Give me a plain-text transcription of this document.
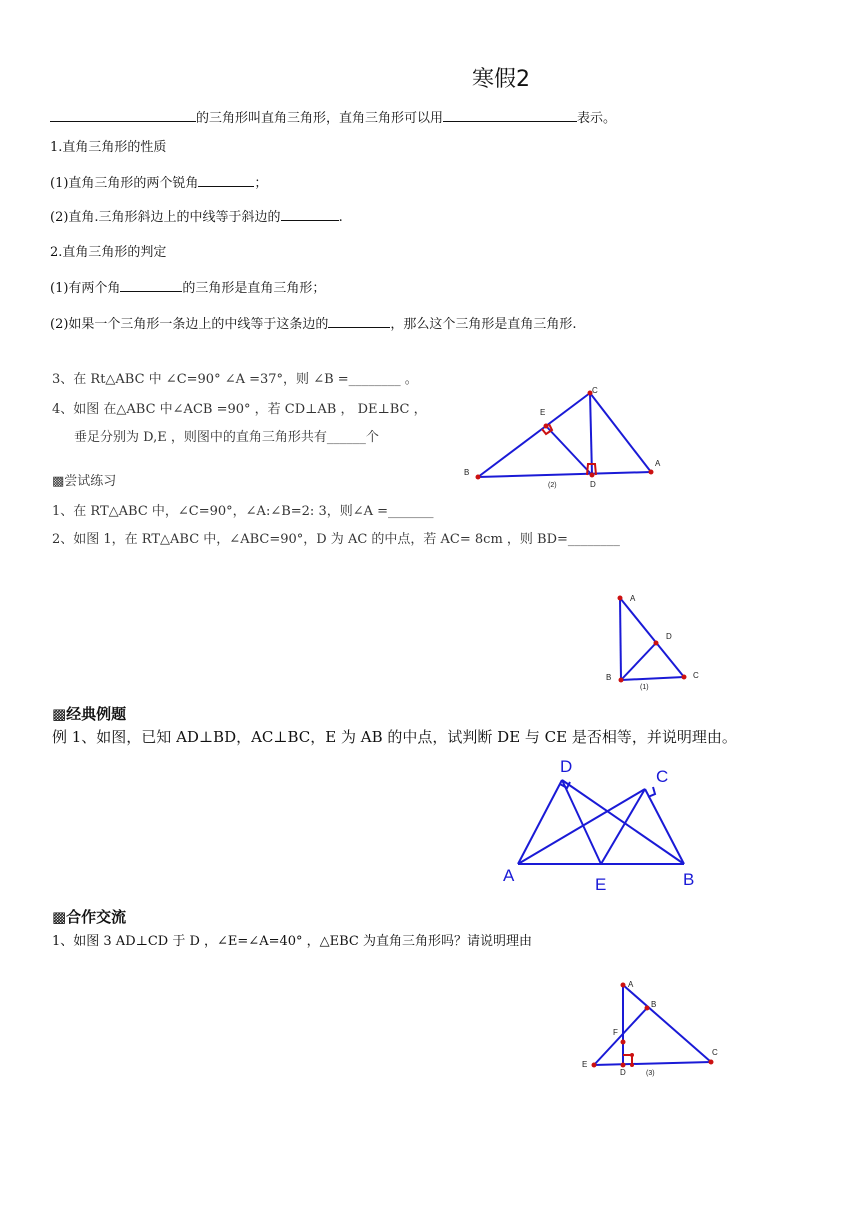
寒假2
的三角形叫直角三角形，直角三角形可以用	表示。
1.直角三角形的性质
(1)直角三角形的两个锐角	；
(2)直角.三角形斜边上的中线等于斜边的	.
2.直角三角形的判定
(1)有两个角	的三角形是直角三角形；
(2)如果一个三角形一条边上的中线等于这条边的	，那么这个三角形是直角三角形.
3、在 Rt△ABC 中 ∠C=90° ∠A =37°，则 ∠B =________ 。
4、如图 在△ABC 中∠ACB =90° ，若 CD⊥AB ， DE⊥BC ，
垂足分别为 D,E ，则图中的直角三角形共有______个
▩尝试练习
1、在 RT△ABC 中，∠C=90°，∠A:∠B=2: 3，则∠A =_______
2、如图 1，在 RT△ABC 中，∠ABC=90°，D 为 AC 的中点，若 AC= 8cm ，则 BD=________
▩经典例题
例 1、如图，已知 AD⊥BD，AC⊥BC，E 为 AB 的中点，试判断 DE 与 CE 是否相等，并说明理由。
▩合作交流
1、如图 3 AD⊥CD 于 D ，∠E=∠A=40° ，△EBC 为直角三角形吗？请说明理由
B
C
A
D
E
(2)
A
B	C
D
(1)
D
C
A	E	B
A
B
C
D
E
F
(3)
